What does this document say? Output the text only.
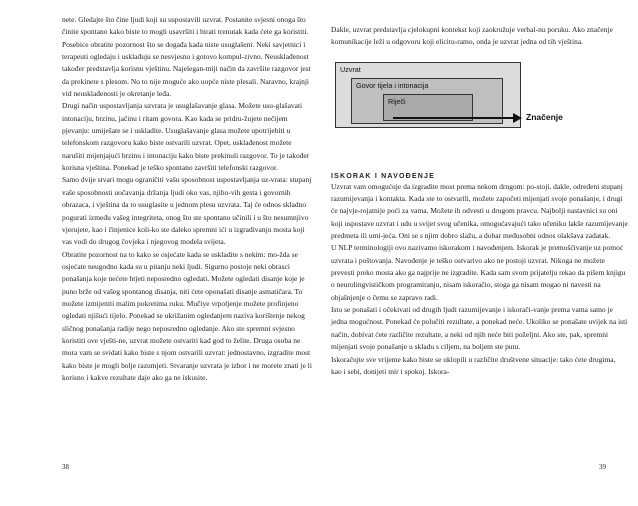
nete. Gledajte što čine ljudi koji su uspostavili uzvrat. Postanite svjesni onoga što činite spontano kako biste to mogli usavršiti i birati trenutak kada ćete ga koristiti.

Posebice obratite pozornost što se događa kada niste usuglašeni. Neki savjetnici i terapeuti ogledaju i usklađuju se nesvjesno i gotovo kompul-zivno. Neusklađenost također predstavlja korisnu vještinu. Najelegan-tniji način da završite razgovor jest da prekinete s plesom. No to nije moguće ako uopće niste plesali. Naravno, krajnji vid neusklađenosti je okretanje leđa.

Drugi način uspostavljanja uzvrata je usuglašavanje glasa. Možete usu-glašavati intonaciju, brzinu, jačinu i ritam govora. Kao kada se pridru-žujete nečijem pjevanju: umiješate se i uskladite. Usuglašavanje glasa možete upotrijebiti u telefonskom razgovoru kako biste ostvarili uzvrat. Opet, usklađenost možete narušiti mijenjajući brzinu i intonaciju kako biste prekinuli razgovor. To je također korisna vještina. Ponekad je teško spontano završiti telefonski razgovor.

Samo dvije stvari mogu ograničiti vašu sposobnost uspostavljanja uz-vrata: stupanj vaše sposobnosti uočavanja držanja ljudi oko vas, njiho-vih gesta i govornih obrazaca, i vještina da to usuglasite u jednom plesu uzvrata. Taj će odnos skladno pogurati između vašeg integriteta, onog što ste spontano učinili i u što nesumnjivo vjerujete, kao i činjenice koli-ko ste daleko spremni ići u izgradivanju mosta koji vas vodi do drugog čovjeka i njegovog modela svijeta.

Obratite pozornost na to kako se osjećate kada se uskladite s nekim: mo-žda se osjećate neugodno kada su u pitanju neki ljudi. Sigurno postoje neki obrasci ponašanja koje nećete htjeti neposredno ogledati. Možete ogledati disanje koje je puno brže od vašeg spontanog disanja, niti ćete oponašati disanje asmatičara. To možete izmijeniti malim pokretima ruku. Mučiye vrpoljenje možete profinjeno ogledati njišući tijelo. Ponekad se ukrižanim ogledanjem naziva korištenje nekog sličnog ponašanja radije nego neposredno ogledanje. Ako ste spremni svjesno koristiti ove vješti-ne, uzvrat možete ostvariti kad god to želite. Druga osoba ne mora vam se svidati kako biste s njom ostvarili uzvrat: jednostavno, izgradite most kako biste je mogli bolje razumjeti. Stvaranje uzvrata je izbor i ne morete znati je li korisno i kakve rezultate daje ako ga ne iskusite.

38

Dakle, uzvrat predstavlja cjelokupni kontekst koji zaokružuje verbal-nu poruku. Ako značenje komunikacije leži u odgovoru koji elicitu-ramo, onda je uzvrat jedna od tih vještina.

Uzvrat
Govor tijela i intonacija
Riječi
Značenje
ISKORAK I NAVOĐENJE

Uzvrat vam omogućuje da izgradite most prema nekom drugom: po-stoji, dakle, određeni stupanj razumijevanja i kontakta. Kada ste to ostvarili, možete započeti mijenjati svoje ponašanje, i drugi će najvje-rojatnije poći za vama. Možete ih odvesti u drugom pravcu. Najbolji nastavnici su oni koji uspostave uzvrat i udu u svijet svog učenika, omogućavajući tako učeniku lakše razumijevanje predmeta ili umi-jeća. Oni se s njim dobro slažu, a dobar međusobni odnos olakšava zadatak.

U NLP terminologiji ovo nazivamo iskorakom i navođenjem. Iskorak je premošćivanje uz pomoć uzvrata i poštovanja. Navođenje je teško ostvarivo ako ne postoji uzvrat. Nikoga ne možete prevesti preko mosta ako ga najprije ne izgradite. Kada sam svom prijatelju rekao da pišem knjigu o neurolingvističkom programiranju, nisam iskoračio, stoga ga nisam mogao ni navesti na objašnjenje o čemu se zapravo radi.

Isto se ponašati i očekivati od drugih ljudi razumijevanje i iskorači-vanje prema vama samo je jedna mogućnost. Ponekad će polučiti rezultate, a ponekad neće. Ukoliko se ponašate uvijek na isti način, dobivat ćete različite rezultate, a neki od njih neće biti poželjni. Ako ste, pak, spremni mijenjati svoje ponašanje u skladu s ciljem, na boljem ste putu.

Iskoračujte sve vrijeme kako biste se uklopili u različite društvene situacije: tako ćete drugima, kao i sebi, donijeti mir i spokoj. Iskora-

39
